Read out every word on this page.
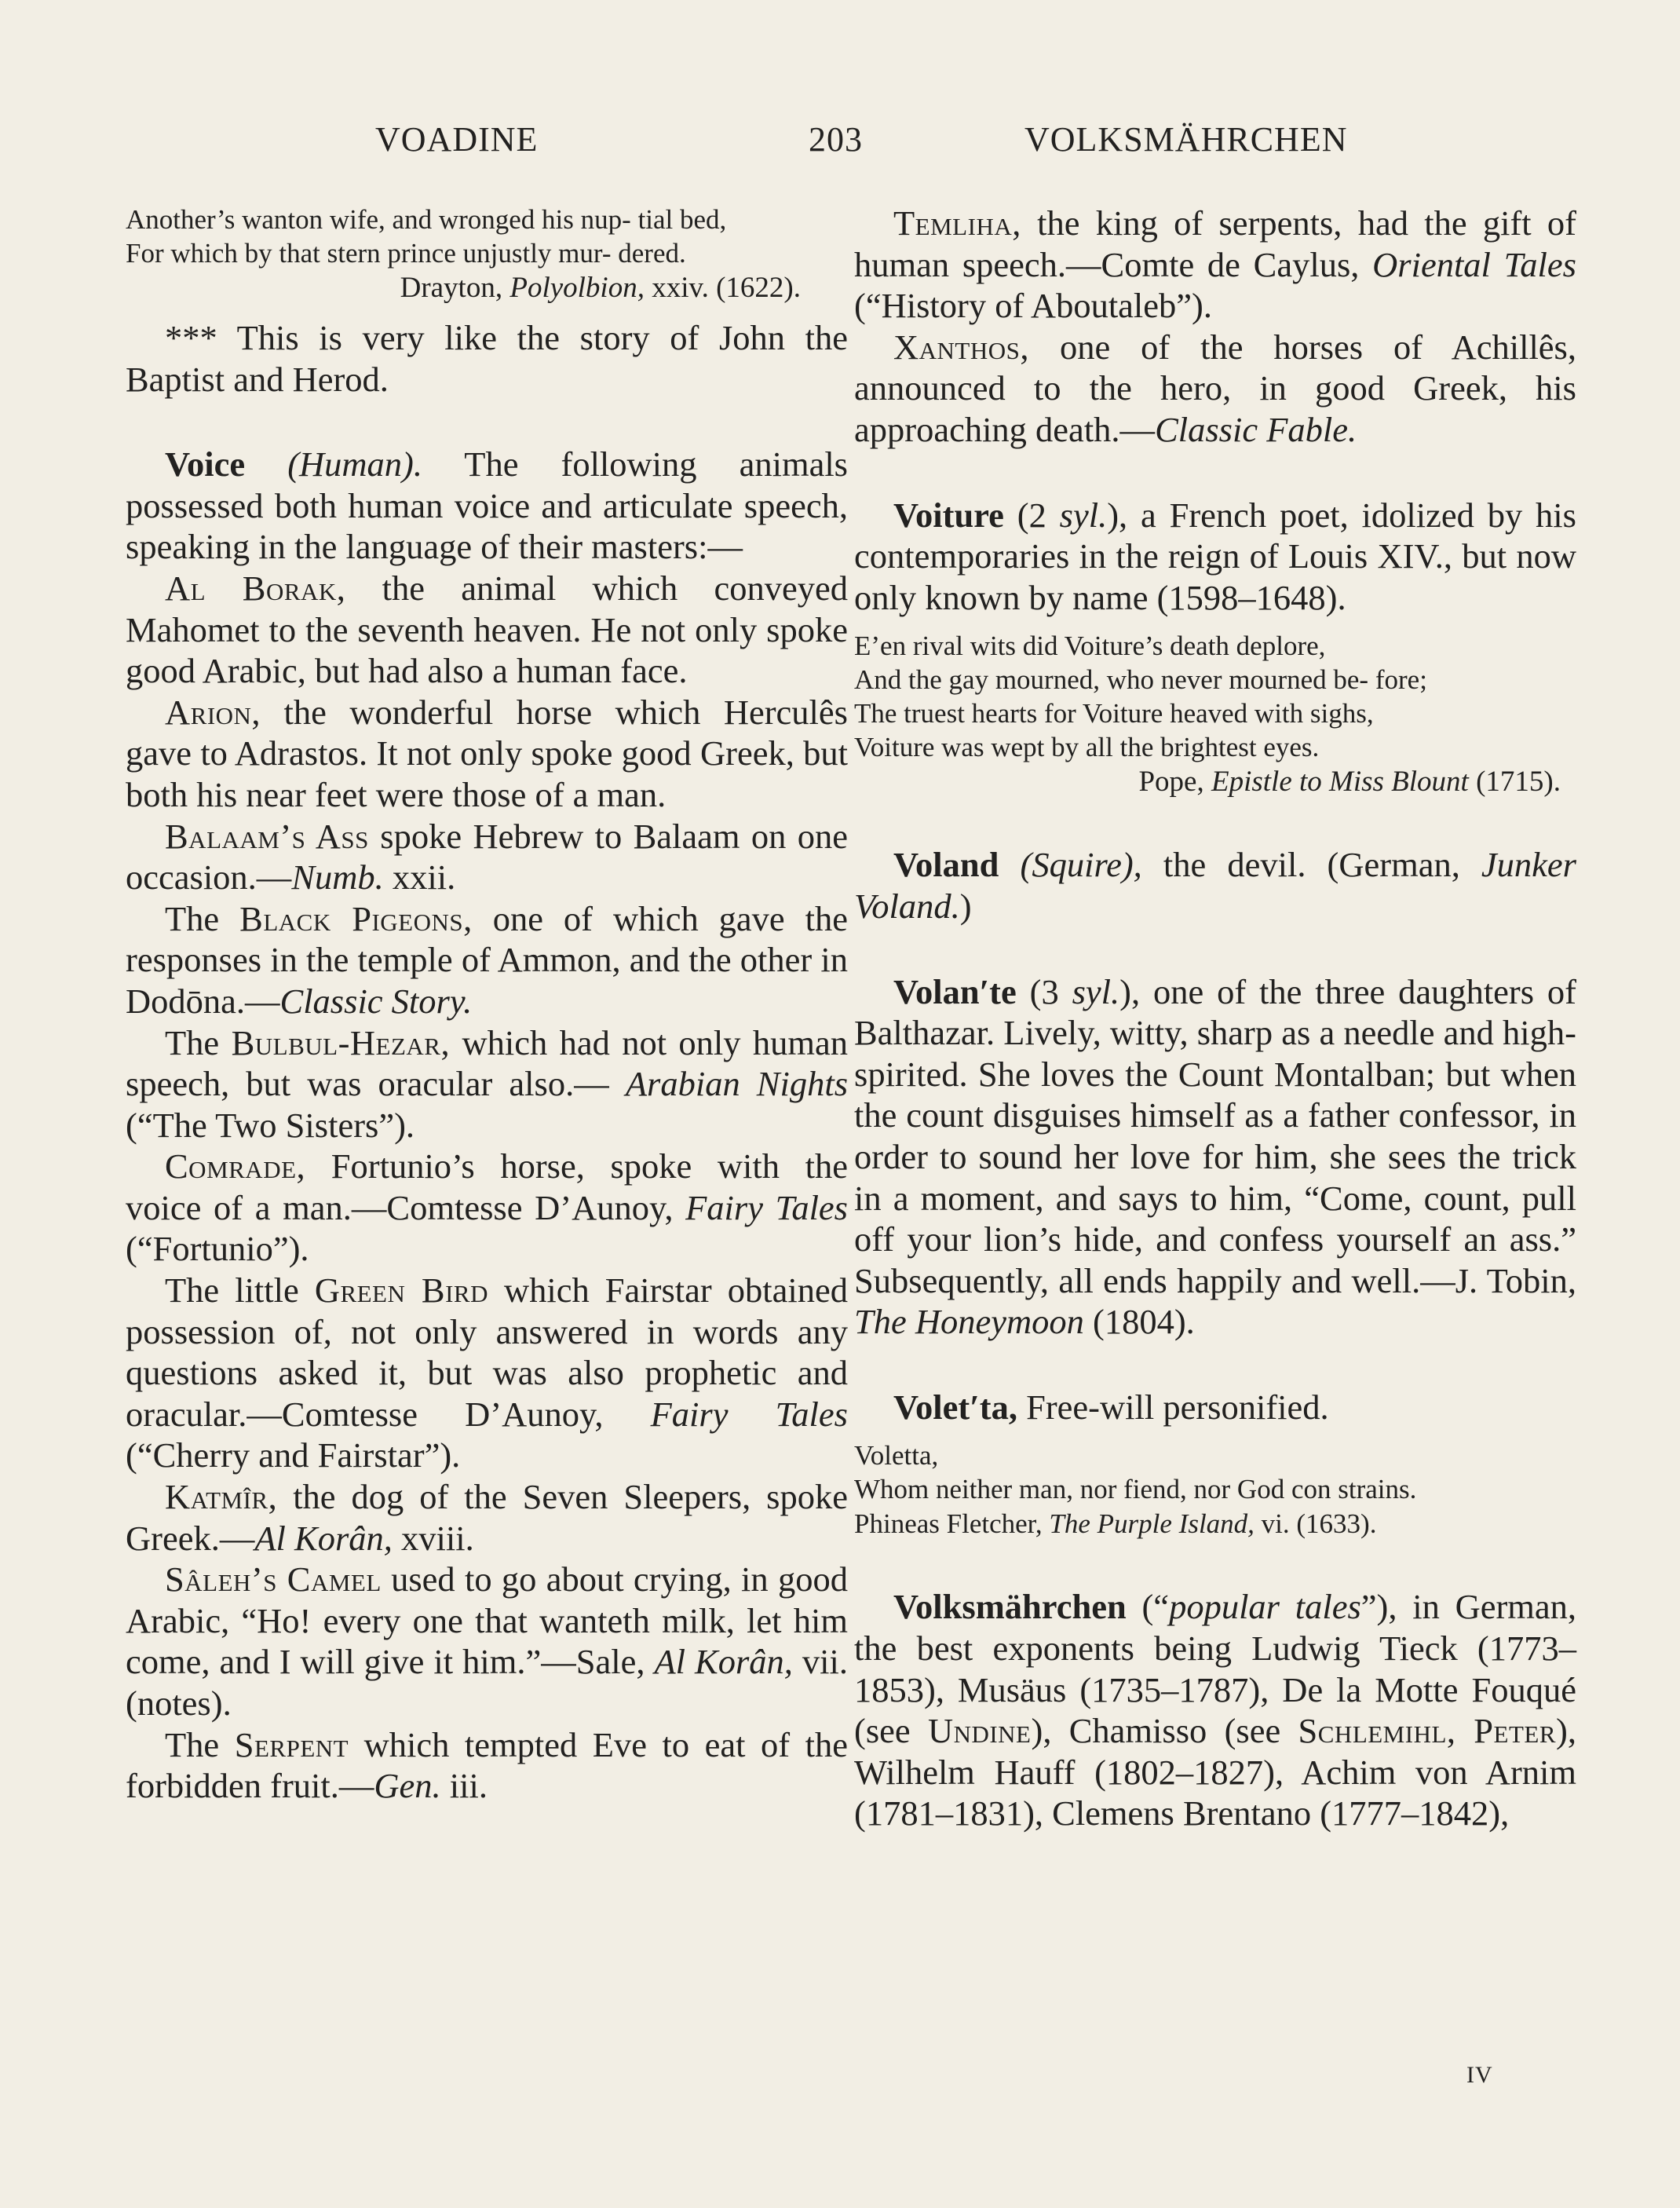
VOADINE	203	VOLKSMÄHRCHEN
Another’s wanton wife, and wronged his nup- tial bed,
For which by that stern prince unjustly mur- dered.

Drayton, Polyolbion, xxiv. (1622).

*** This is very like the story of John the Baptist and Herod.

Voice (Human). The following animals possessed both human voice and articulate speech, speaking in the language of their masters:—

Al Borak, the animal which conveyed Mahomet to the seventh heaven. He not only spoke good Arabic, but had also a human face.

Arion, the wonderful horse which Herculês gave to Adrastos. It not only spoke good Greek, but both his near feet were those of a man.

Balaam’s Ass spoke Hebrew to Balaam on one occasion.—Numb. xxii.

The Black Pigeons, one of which gave the responses in the temple of Ammon, and the other in Dodōna.—Classic Story.

The Bulbul-Hezar, which had not only human speech, but was oracular also.— Arabian Nights (“The Two Sisters”).

Comrade, Fortunio’s horse, spoke with the voice of a man.—Comtesse D’Aunoy, Fairy Tales (“Fortunio”).

The little Green Bird which Fairstar obtained possession of, not only answered in words any questions asked it, but was also prophetic and oracular.—Comtesse D’Aunoy, Fairy Tales (“Cherry and Fairstar”).

Katmîr, the dog of the Seven Sleepers, spoke Greek.—Al Korân, xviii.

Sâleh’s Camel used to go about crying, in good Arabic, “Ho! every one that wanteth milk, let him come, and I will give it him.”—Sale, Al Korân, vii. (notes).

The Serpent which tempted Eve to eat of the forbidden fruit.—Gen. iii.

Temliha, the king of serpents, had the gift of human speech.—Comte de Caylus, Oriental Tales (“History of Aboutaleb”).

Xanthos, one of the horses of Achillês, announced to the hero, in good Greek, his approaching death.—Classic Fable.

Voiture (2 syl.), a French poet, idolized by his contemporaries in the reign of Louis XIV., but now only known by name (1598–1648).

E’en rival wits did Voiture’s death deplore,
And the gay mourned, who never mourned be- fore;
The truest hearts for Voiture heaved with sighs,
Voiture was wept by all the brightest eyes.

Pope, Epistle to Miss Blount (1715).

Voland (Squire), the devil. (German, Junker Voland.)

Volan′te (3 syl.), one of the three daughters of Balthazar. Lively, witty, sharp as a needle and high-spirited. She loves the Count Montalban; but when the count disguises himself as a father confessor, in order to sound her love for him, she sees the trick in a moment, and says to him, “Come, count, pull off your lion’s hide, and confess yourself an ass.” Subsequently, all ends happily and well.—J. Tobin, The Honeymoon (1804).

Volet′ta, Free-will personified.

Voletta,
Whom neither man, nor fiend, nor God con strains.

Phineas Fletcher, The Purple Island, vi. (1633).

Volksmährchen (“popular tales”), in German, the best exponents being Ludwig Tieck (1773–1853), Musäus (1735–1787), De la Motte Fouqué (see Undine), Chamisso (see Schlemihl, Peter), Wilhelm Hauff (1802–1827), Achim von Arnim (1781–1831), Clemens Brentano (1777–1842),

IV
